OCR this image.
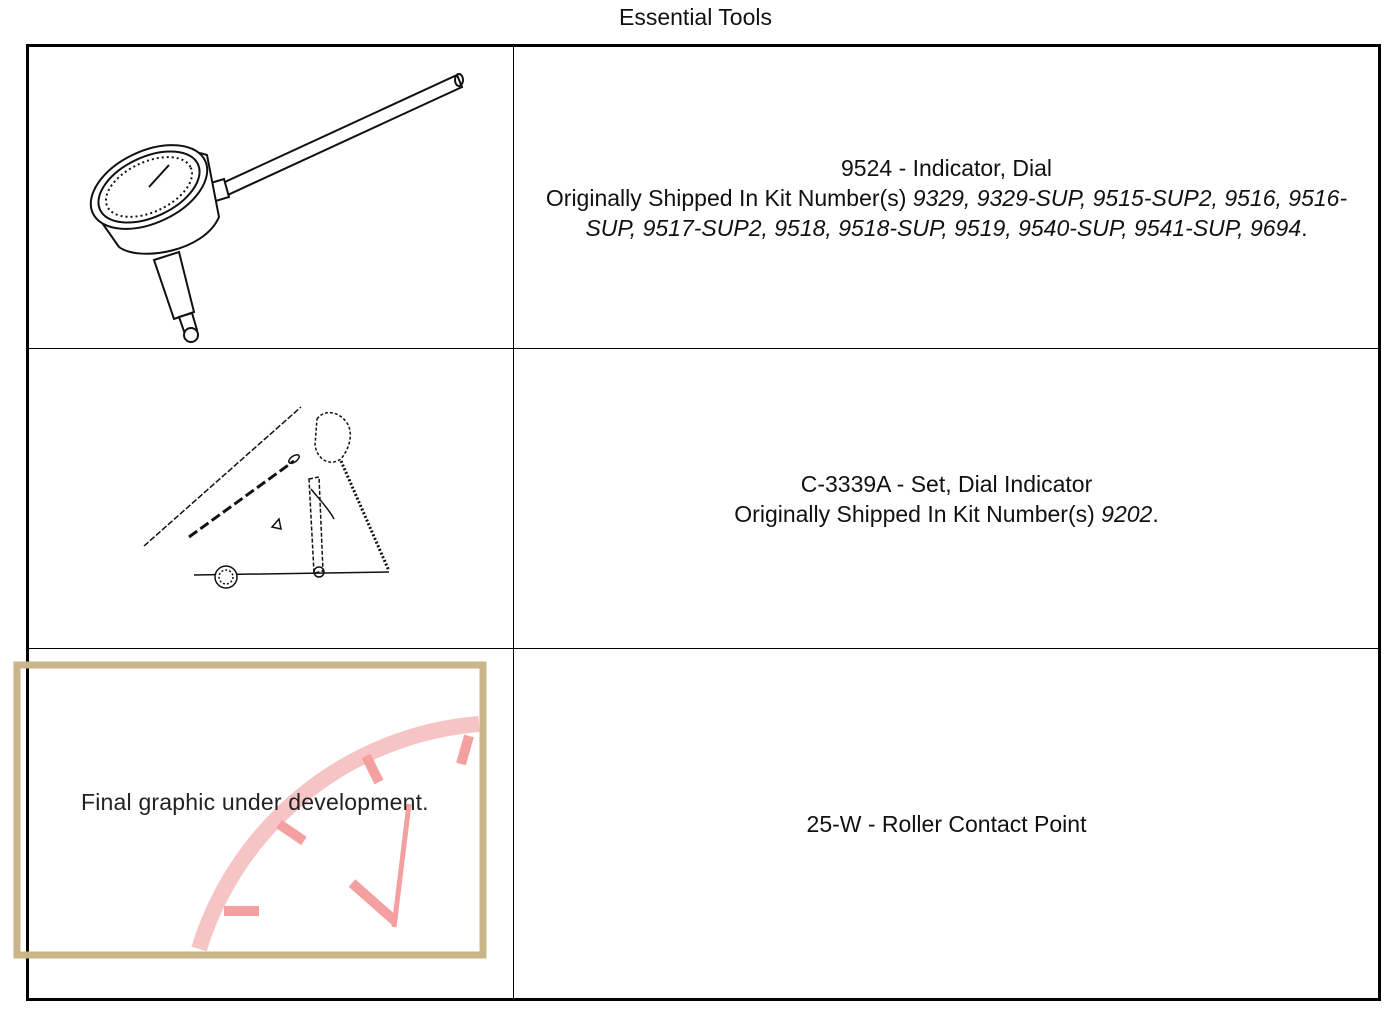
Essential Tools
9524 - Indicator, Dial
Originally Shipped In Kit Number(s) 9329, 9329-SUP, 9515-SUP2, 9516, 9516-SUP, 9517-SUP2, 9518, 9518-SUP, 9519, 9540-SUP, 9541-SUP, 9694.
C-3339A - Set, Dial Indicator
Originally Shipped In Kit Number(s) 9202.
Final graphic under development.
25-W - Roller Contact Point
